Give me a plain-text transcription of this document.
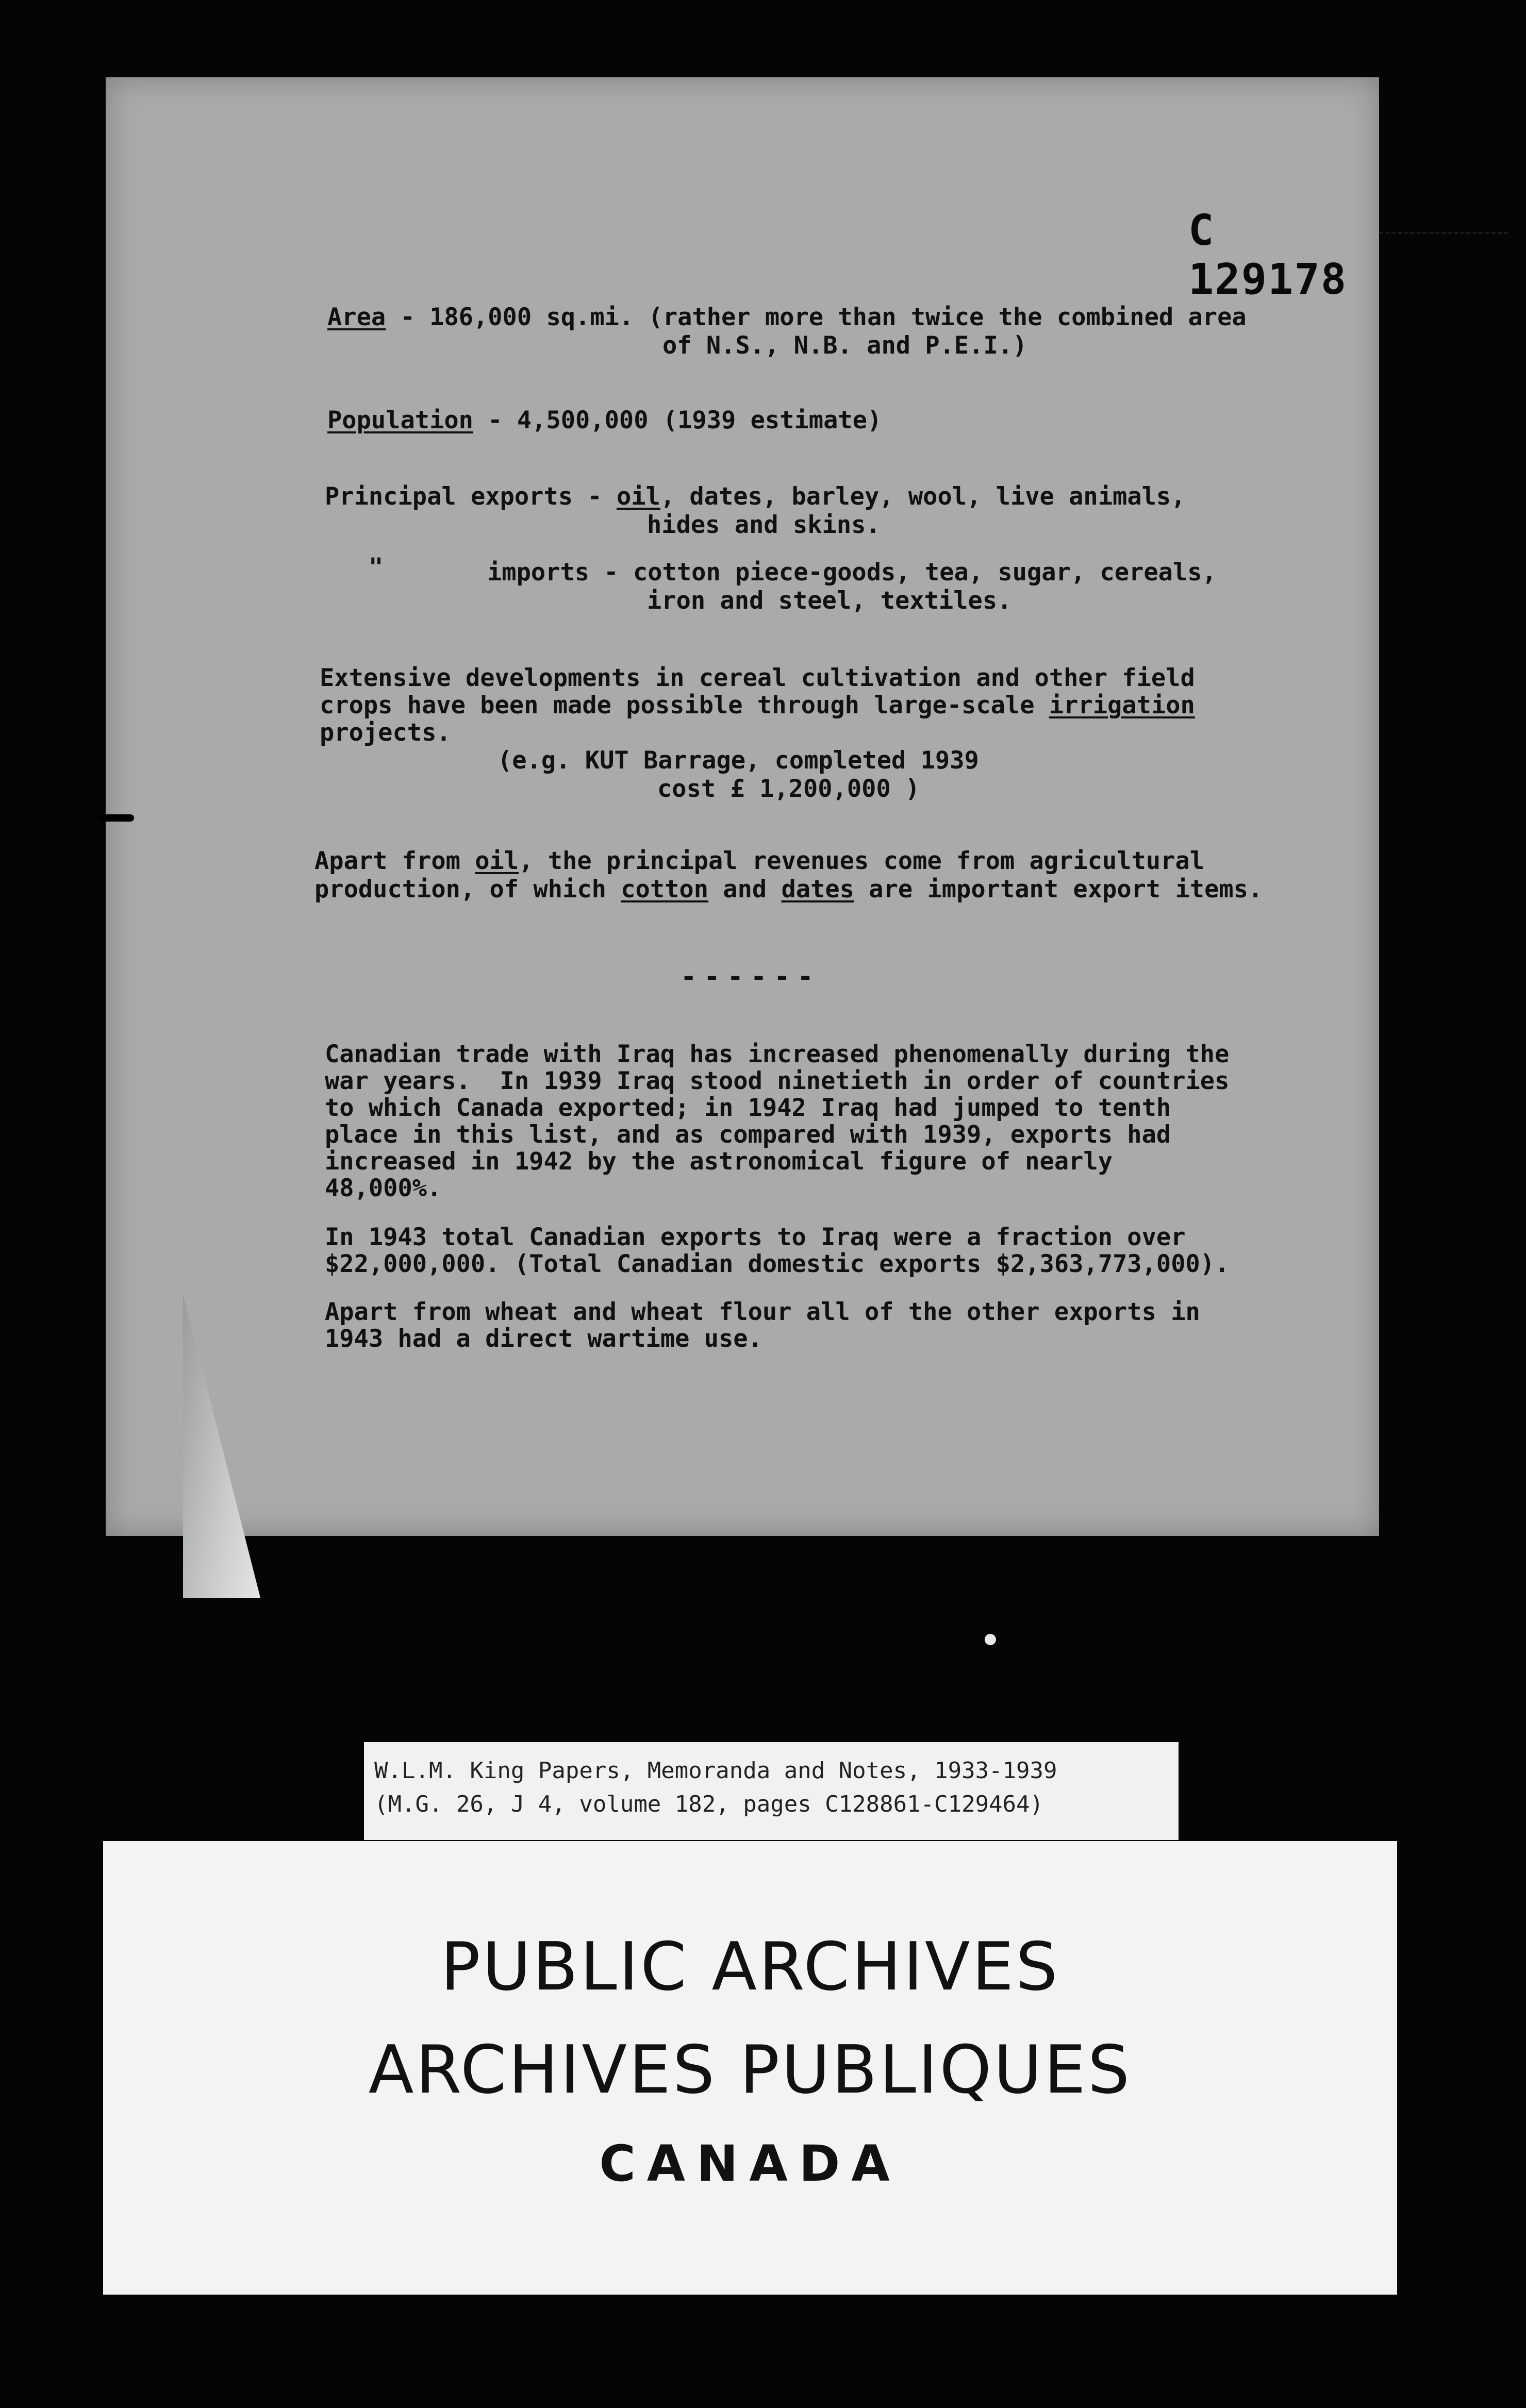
C 129178
Area - 186,000 sq.mi. (rather more than twice the combined area
of N.S., N.B. and P.E.I.)
Population - 4,500,000 (1939 estimate)
Principal exports - oil, dates, barley, wool, live animals,
hides and skins.
"	imports - cotton piece-goods, tea, sugar, cereals,
iron and steel, textiles.
Extensive developments in cereal cultivation and other field
crops have been made possible through large-scale irrigation
projects.
(e.g. KUT Barrage, completed 1939
cost £ 1,200,000 )
Apart from oil, the principal revenues come from agricultural
production, of which cotton and dates are important export items.
------
Canadian trade with Iraq has increased phenomenally during the
war years.  In 1939 Iraq stood ninetieth in order of countries
to which Canada exported; in 1942 Iraq had jumped to tenth
place in this list, and as compared with 1939, exports had
increased in 1942 by the astronomical figure of nearly
48,000%.
In 1943 total Canadian exports to Iraq were a fraction over
$22,000,000. (Total Canadian domestic exports $2,363,773,000).
Apart from wheat and wheat flour all of the other exports in
1943 had a direct wartime use.
W.L.M. King Papers, Memoranda and Notes, 1933-1939
(M.G. 26, J 4, volume 182, pages C128861-C129464)
PUBLIC ARCHIVES
ARCHIVES PUBLIQUES
CANADA
